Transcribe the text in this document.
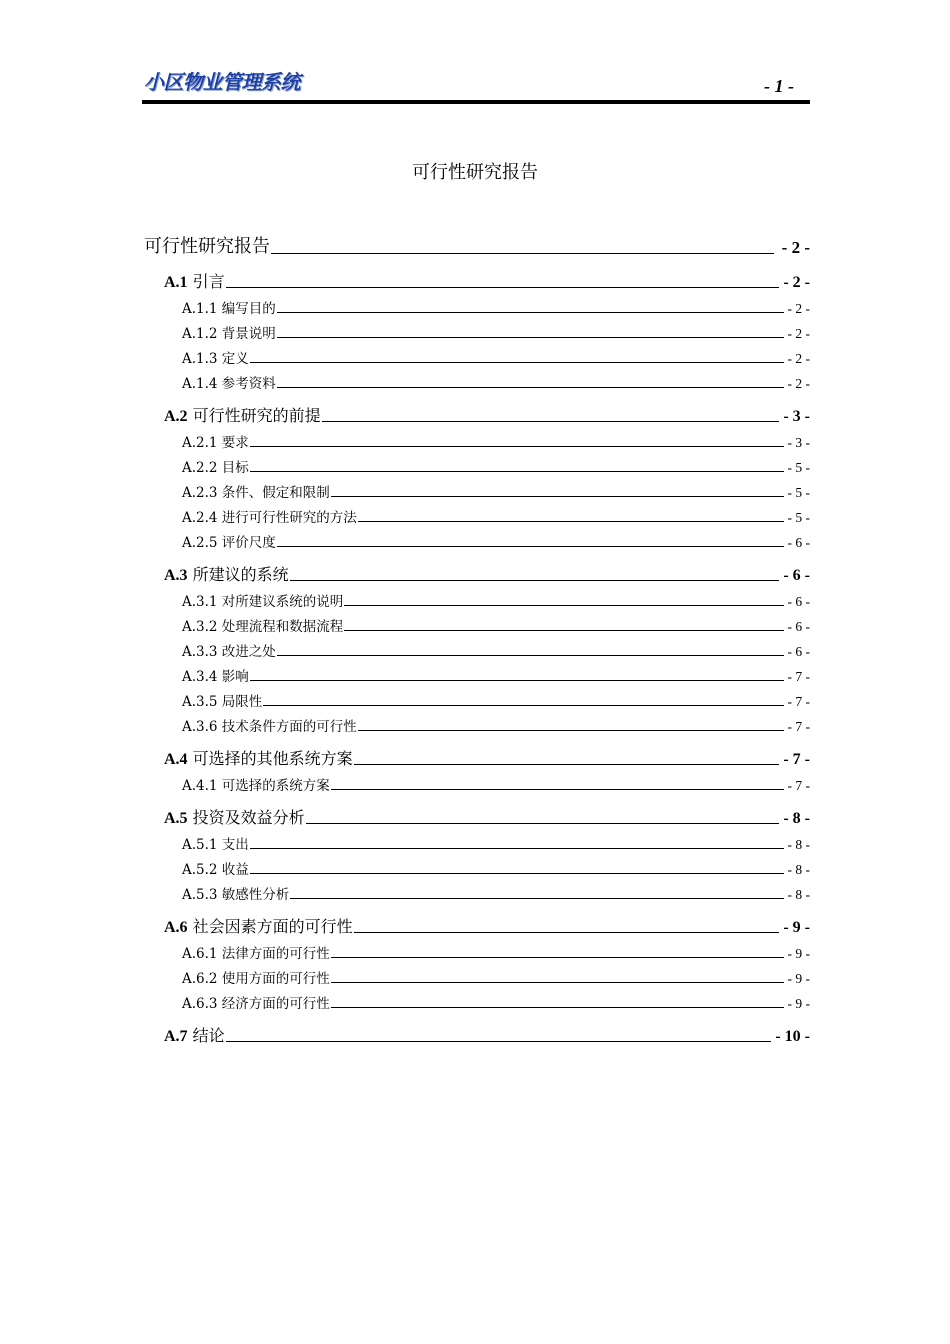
小区物业管理系统	- 1 -
可行性研究报告
可行性研究报告	- 2 -
A.1 引言	- 2 -
A.1.1 编写目的	- 2 -
A.1.2 背景说明	- 2 -
A.1.3 定义	- 2 -
A.1.4 参考资料	- 2 -
A.2 可行性研究的前提	- 3 -
A.2.1 要求	- 3 -
A.2.2 目标	- 5 -
A.2.3 条件、假定和限制	- 5 -
A.2.4 进行可行性研究的方法	- 5 -
A.2.5 评价尺度	- 6 -
A.3 所建议的系统	- 6 -
A.3.1 对所建议系统的说明	- 6 -
A.3.2 处理流程和数据流程	- 6 -
A.3.3 改进之处	- 6 -
A.3.4 影响	- 7 -
A.3.5 局限性	- 7 -
A.3.6 技术条件方面的可行性	- 7 -
A.4 可选择的其他系统方案	- 7 -
A.4.1 可选择的系统方案	- 7 -
A.5 投资及效益分析	- 8 -
A.5.1 支出	- 8 -
A.5.2 收益	- 8 -
A.5.3 敏感性分析	- 8 -
A.6 社会因素方面的可行性	- 9 -
A.6.1 法律方面的可行性	- 9 -
A.6.2 使用方面的可行性	- 9 -
A.6.3 经济方面的可行性	- 9 -
A.7 结论	- 10 -
